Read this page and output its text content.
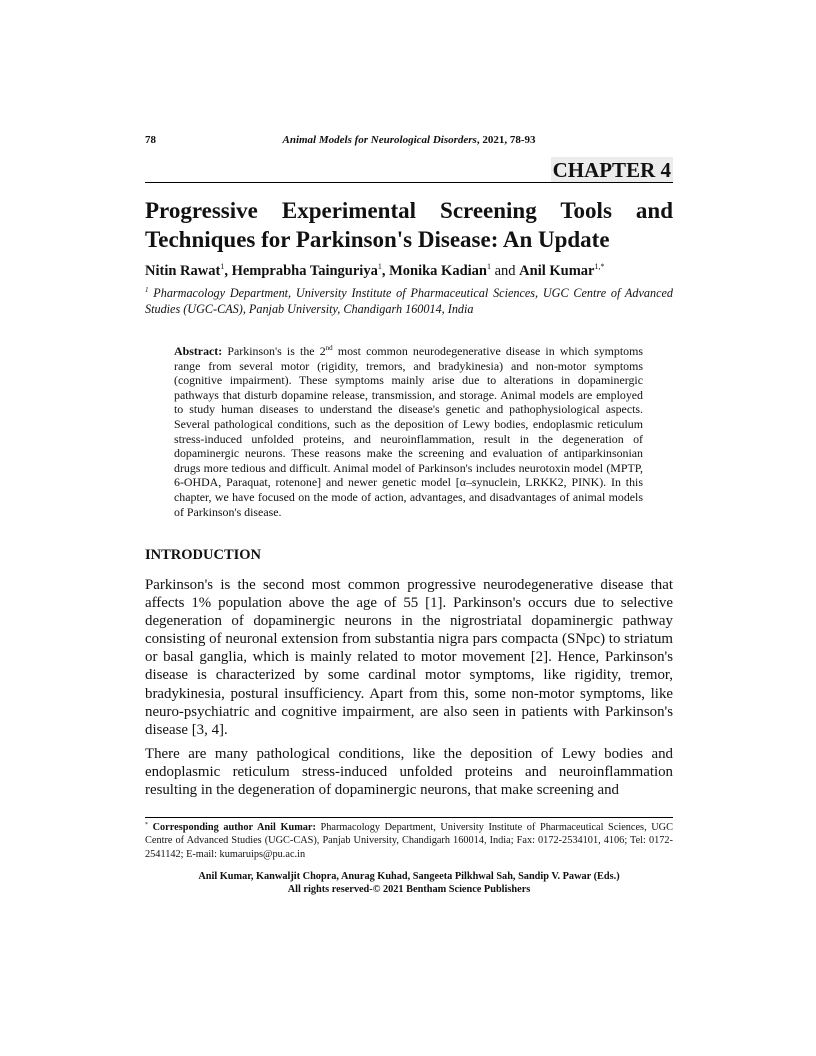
78	Animal Models for Neurological Disorders, 2021, 78-93
CHAPTER 4
Progressive Experimental Screening Tools and Techniques for Parkinson's Disease: An Update
Nitin Rawat$^1$, Hemprabha Tainguriya$^1$, Monika Kadian$^1$ and Anil Kumar$^{1,*}$
$^1$ Pharmacology Department, University Institute of Pharmaceutical Sciences, UGC Centre of Advanced Studies (UGC-CAS), Panjab University, Chandigarh 160014, India

Abstract: Parkinson's is the 2nd most common neurodegenerative disease in which symptoms range from several motor (rigidity, tremors, and bradykinesia) and non-motor symptoms (cognitive impairment). These symptoms mainly arise due to alterations in dopaminergic pathways that disturb dopamine release, transmission, and storage. Animal models are employed to study human diseases to understand the disease's genetic and pathophysiological aspects. Several pathological conditions, such as the deposition of Lewy bodies, endoplasmic reticulum stress-induced unfolded proteins, and neuroinflammation, result in the degeneration of dopaminergic neurons. These reasons make the screening and evaluation of antiparkinsonian drugs more tedious and difficult. Animal model of Parkinson's includes neurotoxin model (MPTP, 6-OHDA, Paraquat, rotenone] and newer genetic model [α–synuclein, LRKK2, PINK). In this chapter, we have focused on the mode of action, advantages, and disadvantages of animal models of Parkinson's disease.

INTRODUCTION

Parkinson's is the second most common progressive neurodegenerative disease that affects 1% population above the age of 55 [1]. Parkinson's occurs due to selective degeneration of dopaminergic neurons in the nigrostriatal dopaminergic pathway consisting of neuronal extension from substantia nigra pars compacta (SNpc) to striatum or basal ganglia, which is mainly related to motor movement [2]. Hence, Parkinson's disease is characterized by some cardinal motor symptoms, like rigidity, tremor, bradykinesia, postural insufficiency. Apart from this, some non-motor symptoms, like neuro-psychiatric and cognitive impairment, are also seen in patients with Parkinson's disease [3, 4].

There are many pathological conditions, like the deposition of Lewy bodies and endoplasmic reticulum stress-induced unfolded proteins and neuroinflammation resulting in the degeneration of dopaminergic neurons, that make screening and

* Corresponding author Anil Kumar: Pharmacology Department, University Institute of Pharmaceutical Sciences, UGC Centre of Advanced Studies (UGC-CAS), Panjab University, Chandigarh 160014, India; Fax: 0172-2534101, 4106; Tel: 0172-2541142; E-mail: kumaruips@pu.ac.in

Anil Kumar, Kanwaljit Chopra, Anurag Kuhad, Sangeeta Pilkhwal Sah, Sandip V. Pawar (Eds.)
All rights reserved-© 2021 Bentham Science Publishers
